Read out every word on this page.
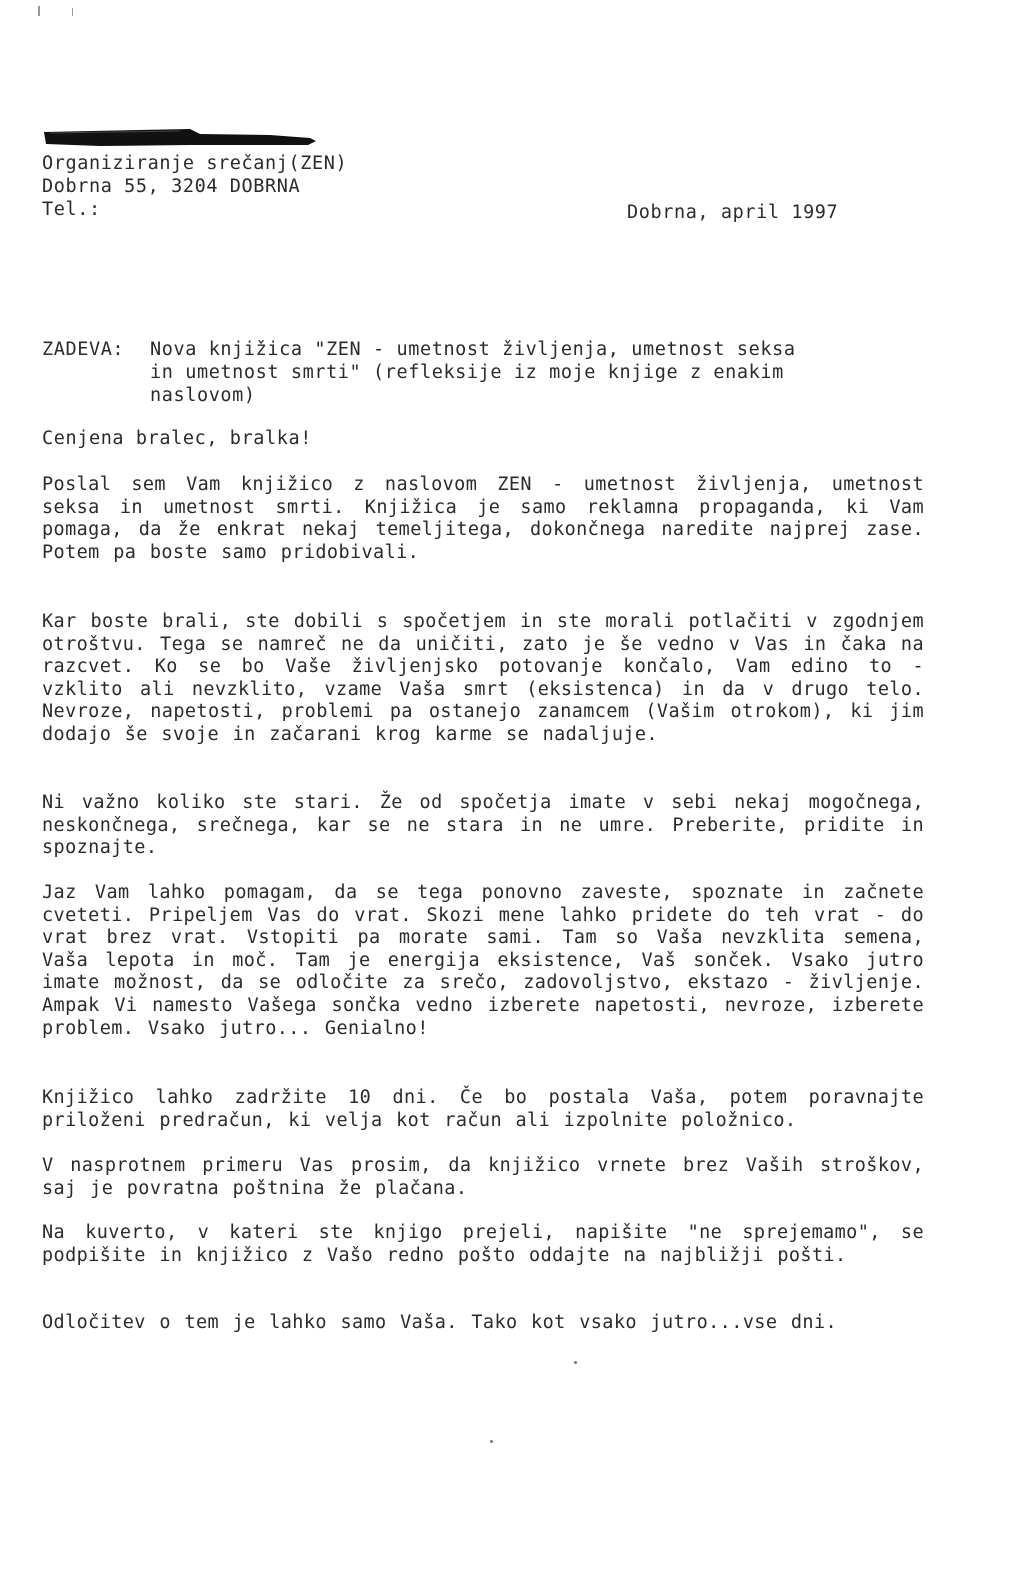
Organiziranje srečanj(ZEN)
Dobrna 55, 3204 DOBRNA
Tel.:	Dobrna, april 1997
ZADEVA: Nova knjižica "ZEN - umetnost življenja, umetnost seksa
in umetnost smrti" (refleksije iz moje knjige z enakim
naslovom)
Cenjena bralec, bralka!
Poslal sem Vam knjižico z naslovom ZEN - umetnost življenja, umetnost seksa in umetnost smrti. Knjižica je samo reklamna propaganda, ki Vam pomaga, da že enkrat nekaj temeljitega, dokončnega naredite najprej zase. Potem pa boste samo pridobivali.
Kar boste brali, ste dobili s spočetjem in ste morali potlačiti v zgodnjem otroštvu. Tega se namreč ne da uničiti, zato je še vedno v Vas in čaka na razcvet. Ko se bo Vaše življenjsko potovanje končalo, Vam edino to - vzklito ali nevzklito, vzame Vaša smrt (eksistenca) in da v drugo telo. Nevroze, napetosti, problemi pa ostanejo zanamcem (Vašim otrokom), ki jim dodajo še svoje in začarani krog karme se nadaljuje.
Ni važno koliko ste stari. Že od spočetja imate v sebi nekaj mogočnega, neskončnega, srečnega, kar se ne stara in ne umre. Preberite, pridite in spoznajte.
Jaz Vam lahko pomagam, da se tega ponovno zaveste, spoznate in začnete cveteti. Pripeljem Vas do vrat. Skozi mene lahko pridete do teh vrat - do vrat brez vrat. Vstopiti pa morate sami. Tam so Vaša nevzklita semena, Vaša lepota in moč. Tam je energija eksistence, Vaš sonček. Vsako jutro imate možnost, da se odločite za srečo, zadovoljstvo, ekstazo - življenje. Ampak Vi namesto Vašega sončka vedno izberete napetosti, nevroze, izberete problem. Vsako jutro... Genialno!
Knjižico lahko zadržite 10 dni. Če bo postala Vaša, potem poravnajte priloženi predračun, ki velja kot račun ali izpolnite položnico.
V nasprotnem primeru Vas prosim, da knjižico vrnete brez Vaših stroškov, saj je povratna poštnina že plačana.
Na kuverto, v kateri ste knjigo prejeli, napišite "ne sprejemamo", se podpišite in knjižico z Vašo redno pošto oddajte na najbližji pošti.
Odločitev o tem je lahko samo Vaša. Tako kot vsako jutro...vse dni.
